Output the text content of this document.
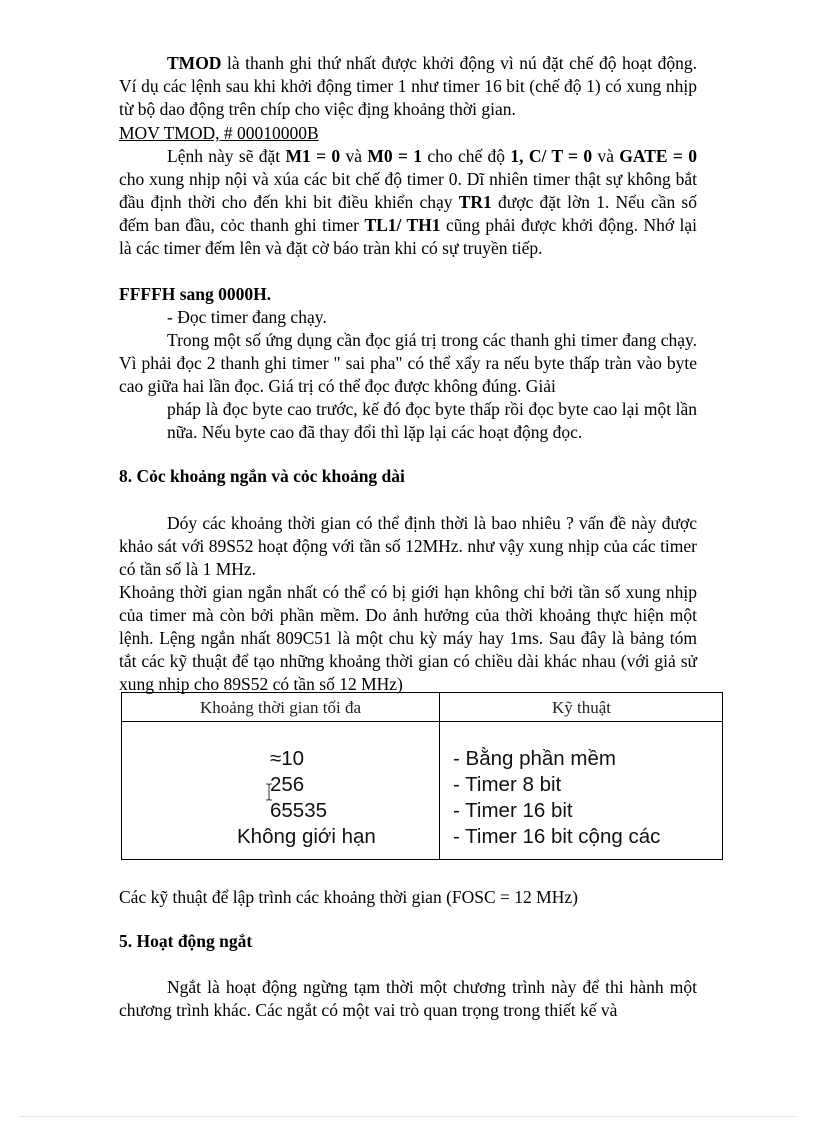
TMOD là thanh ghi thứ nhất được khởi động vì nú đặt chế độ hoạt động. Ví dụ các lệnh sau khi khởi động timer 1 như timer 16 bit (chế độ 1) có xung nhịp từ bộ dao động trên chíp cho việc địng khoảng thời gian.

MOV TMOD, # 00010000B

Lệnh này sẽ đặt M1 = 0 và M0 = 1 cho chế độ 1, C/ T = 0 và GATE = 0 cho xung nhịp nội và xúa các bit chế độ timer 0. Dĩ nhiên timer thật sự không bắt đầu định thời cho đến khi bit điều khiển chạy TR1 được đặt lờn 1. Nếu cần số đếm ban đầu, cỏc thanh ghi timer TL1/ TH1 cũng phải được khởi động. Nhớ lại là các timer đếm lên và đặt cờ báo tràn khi có sự truyền tiếp.

FFFFH sang 0000H.

- Đọc timer đang chạy.

Trong một số ứng dụng cần đọc giá trị trong các thanh ghi timer đang chạy. Vì phải đọc 2 thanh ghi timer " sai pha" có thể xẩy ra nếu byte thấp tràn vào byte cao giữa hai lần đọc. Giá trị có thể đọc được không đúng. Giải

pháp là đọc byte cao trước, kế đó đọc byte thấp rồi đọc byte cao lại một lần nữa. Nếu byte cao đã thay đổi thì lặp lại các hoạt động đọc.

8. Cỏc khoảng ngắn và cỏc khoảng dài

Dóy các khoảng thời gian có thể định thời là bao nhiêu ? vấn đề này được khảo sát với 89S52 hoạt động với tần số 12MHz. như vậy xung nhịp của các timer có tần số là 1 MHz.

Khoảng thời gian ngắn nhất có thể có bị giới hạn không chỉ bởi tần số xung nhịp của timer mà còn bởi phần mềm. Do ảnh hưởng của thời khoảng thực hiện một lệnh. Lệng ngắn nhất 809C51 là một chu kỳ máy hay 1ms. Sau đây là bảng tóm tắt các kỹ thuật để tạo những khoảng thời gian có chiều dài khác nhau (với giả sử xung nhịp cho 89S52 có tần số 12 MHz)

Khoảng thời gian tối đa	Kỹ thuật
≈10
256
65535
Không giới hạn
- Bằng phần mềm
- Timer 8 bit
- Timer 16 bit
- Timer 16 bit cộng các

Các kỹ thuật để lập trình các khoảng thời gian (FOSC = 12 MHz)

5. Hoạt động ngắt

Ngắt là hoạt động ngừng tạm thời một chương trình này để thi hành một chương trình khác. Các ngắt có một vai trò quan trọng trong thiết kế và
